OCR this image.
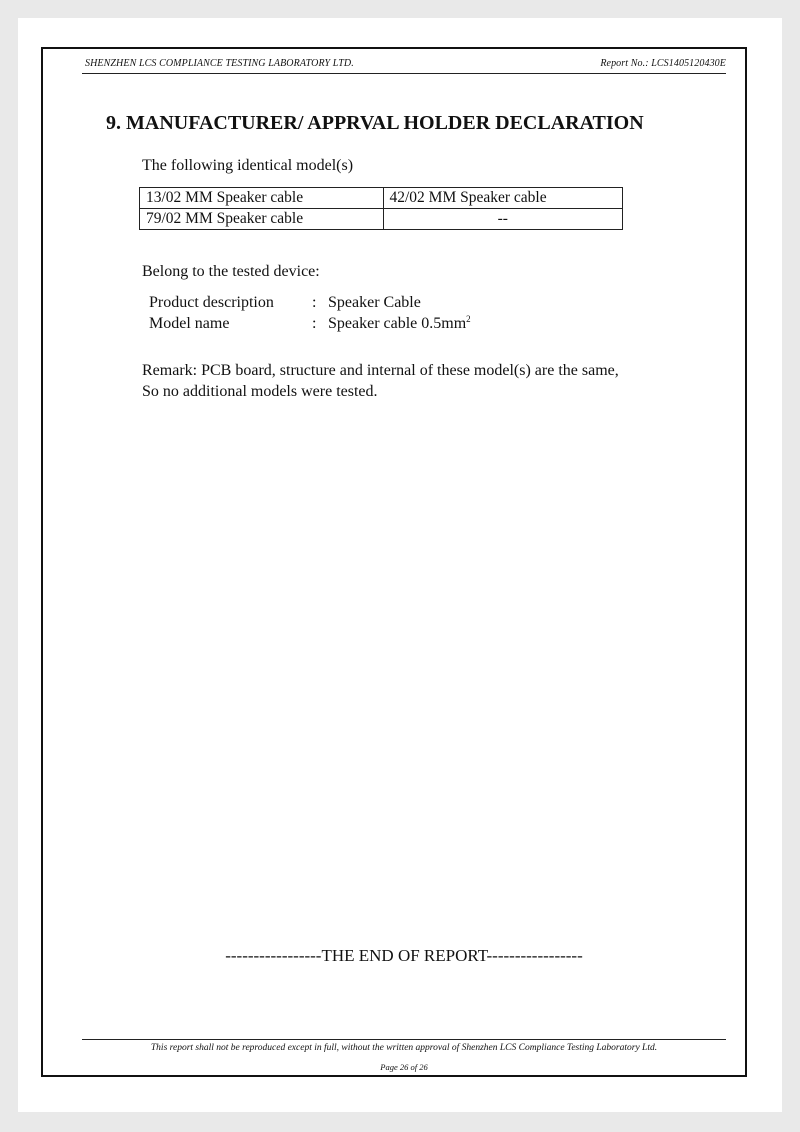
SHENZHEN LCS COMPLIANCE TESTING LABORATORY LTD.	Report No.: LCS1405120430E
9. MANUFACTURER/ APPRVAL HOLDER DECLARATION
The following identical model(s)
13/02 MM Speaker cable	42/02 MM Speaker cable
79/02 MM Speaker cable	--
Belong to the tested device:
Product description : Speaker Cable
Model name	: Speaker cable $0.5mm^2$
Remark: PCB board, structure and internal of these model(s) are the same,
So no additional models were tested.
-----------------THE END OF REPORT-----------------
This report shall not be reproduced except in full, without the written approval of Shenzhen LCS Compliance Testing Laboratory Ltd.
Page 26 of 26
